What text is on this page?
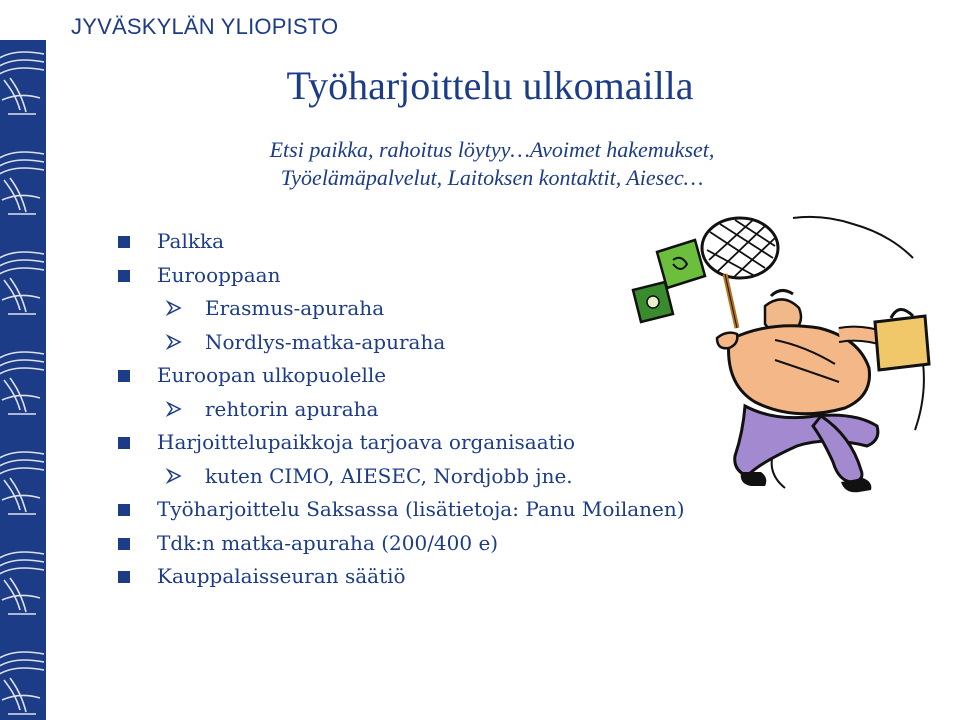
JYVÄSKYLÄN YLIOPISTO
Työharjoittelu ulkomailla
Etsi paikka, rahoitus löytyy…Avoimet hakemukset,
Työelämäpalvelut, Laitoksen kontaktit, Aiesec…
Palkka
Eurooppaan
Erasmus-apuraha
Nordlys-matka-apuraha
Euroopan ulkopuolelle
rehtorin apuraha
Harjoittelupaikkoja tarjoava organisaatio
kuten CIMO, AIESEC, Nordjobb jne.
Työharjoittelu Saksassa (lisätietoja: Panu Moilanen)
Tdk:n matka-apuraha (200/400 e)
Kauppalaisseuran säätiö
